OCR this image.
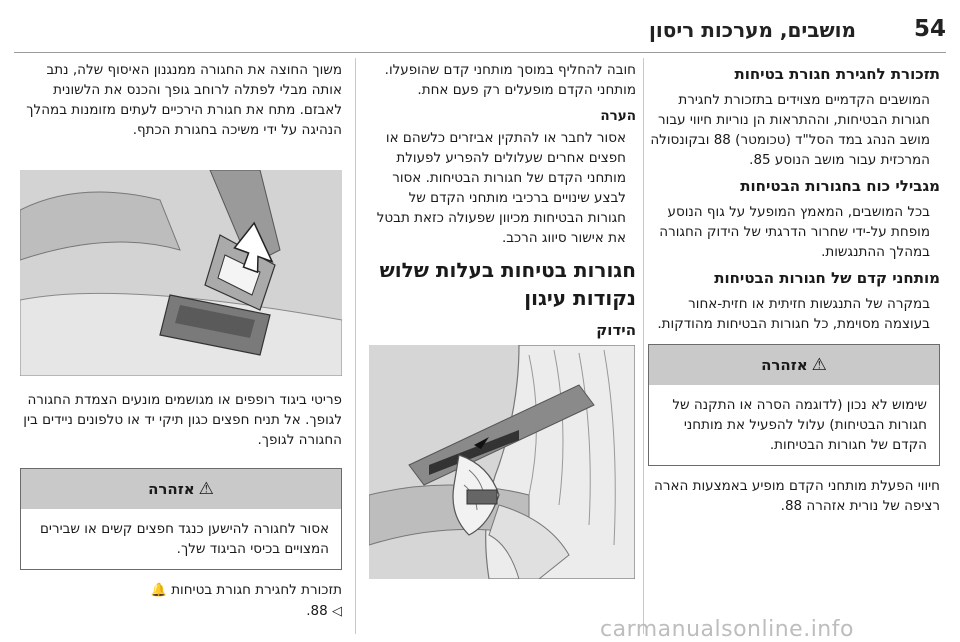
54
מושבים, מערכות ריסון
תזכורת לחגירת חגורת בטיחות

המושבים הקדמיים מצוידים בתזכורת לחגירת חגורות הבטיחות, וההתראות הן נוריות חיווי עבור מושב הנהג במד הסל"ד (טכומטר) 88 ובקונסולה המרכזית עבור מושב הנוסע 85.

מגבילי כוח בחגורות הבטיחות

בכל המושבים, המאמץ המופעל על גוף הנוסע מופחת על-ידי שחרור הדרגתי של הידוק החגורה במהלך ההתנגשות.

מותחני קדם של חגורות הבטיחות

במקרה של התנגשות חזיתית או חזית-אחור בעוצמה מסוימת, כל חגורות הבטיחות מהודקות.

⚠
אזהרה
שימוש לא נכון (לדוגמה הסרה או התקנה של חגורות הבטיחות) עלול להפעיל את מותחני הקדם של חגורות הבטיחות.

חיווי הפעלת מותחני הקדם מופיע באמצעות הארה רציפה של נורית אזהרה 88.

חובה להחליף במוסך מותחני קדם שהופעלו. מותחני הקדם מופעלים רק פעם אחת.

הערה

אסור לחבר או להתקין אביזרים כלשהם או חפצים אחרים שעלולים להפריע לפעולת מותחני הקדם של חגורות הבטיחות. אסור לבצע שינויים ברכיבי מותחני הקדם של חגורות הבטיחות מכיוון שפעולה כזאת תבטל את אישור סיווג הרכב.

חגורות בטיחות בעלות שלוש נקודות עיגון
הידוק

משוך החוצה את החגורה ממנגנון האיסוף שלה, נתב אותה מבלי לפתלה לרוחב גופך והכנס את הלשונית לאבזם. מתח את חגורת הירכיים לעתים מזומנות במהלך הנהיגה על ידי משיכה בחגורת הכתף.

פריטי ביגוד רופפים או מגושמים מונעים הצמדת החגורה לגופך. אל תניח חפצים כגון תיקי יד או טלפונים ניידים בין החגורה לגופך.

⚠
אזהרה
אסור לחגורה להישען כנגד חפצים קשים או שבירים המצויים בכיסי הביגוד שלך.

תזכורת לחגירת חגורת בטיחות 🔔
◁ 88.

carmanualsonline.info
